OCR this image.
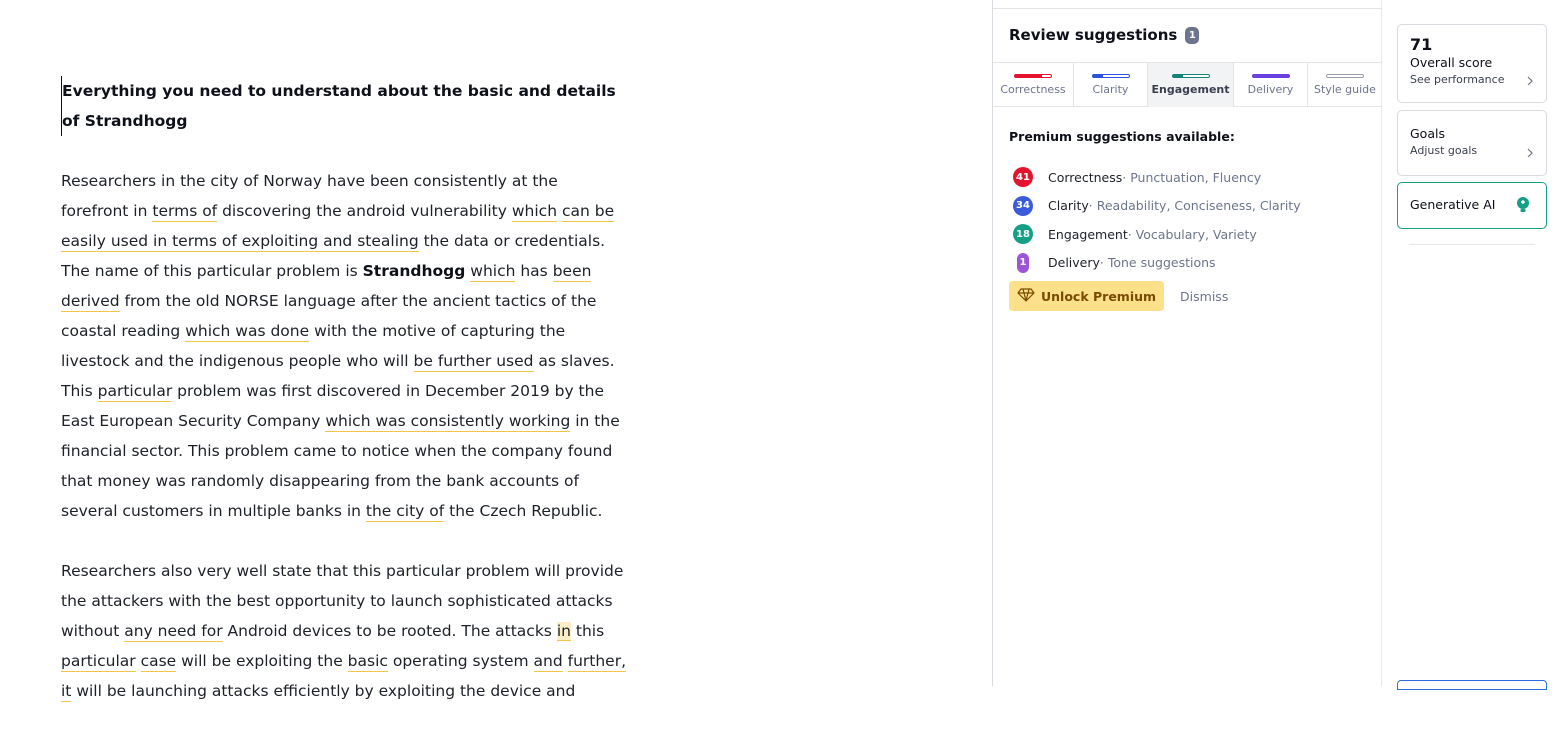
Everything you need to understand about the basic and details of Strandhogg

Researchers in the city of Norway have been consistently at the forefront in terms of discovering the android vulnerability which can be easily used in terms of exploiting and stealing the data or credentials. The name of this particular problem is Strandhogg which has been derived from the old NORSE language after the ancient tactics of the coastal reading which was done with the motive of capturing the livestock and the indigenous people who will be further used as slaves. This particular problem was first discovered in December 2019 by the East European Security Company which was consistently working in the financial sector. This problem came to notice when the company found that money was randomly disappearing from the bank accounts of several customers in multiple banks in the city of the Czech Republic.

Researchers also very well state that this particular problem will provide the attackers with the best opportunity to launch sophisticated attacks without any need for Android devices to be rooted. The attacks in this particular case will be exploiting the basic operating system and further, it will be launching attacks efficiently by exploiting the device and

Review suggestions	1
Correctness	Clarity	Engagement	Delivery	Style guide
Premium suggestions available:
41 Correctness · Punctuation, Fluency
34 Clarity · Readability, Conciseness, Clarity
18 Engagement · Vocabulary, Variety
1 Delivery · Tone suggestions
Unlock Premium Dismiss
71
Overall score
See performance
Goals
Adjust goals
Generative AI
